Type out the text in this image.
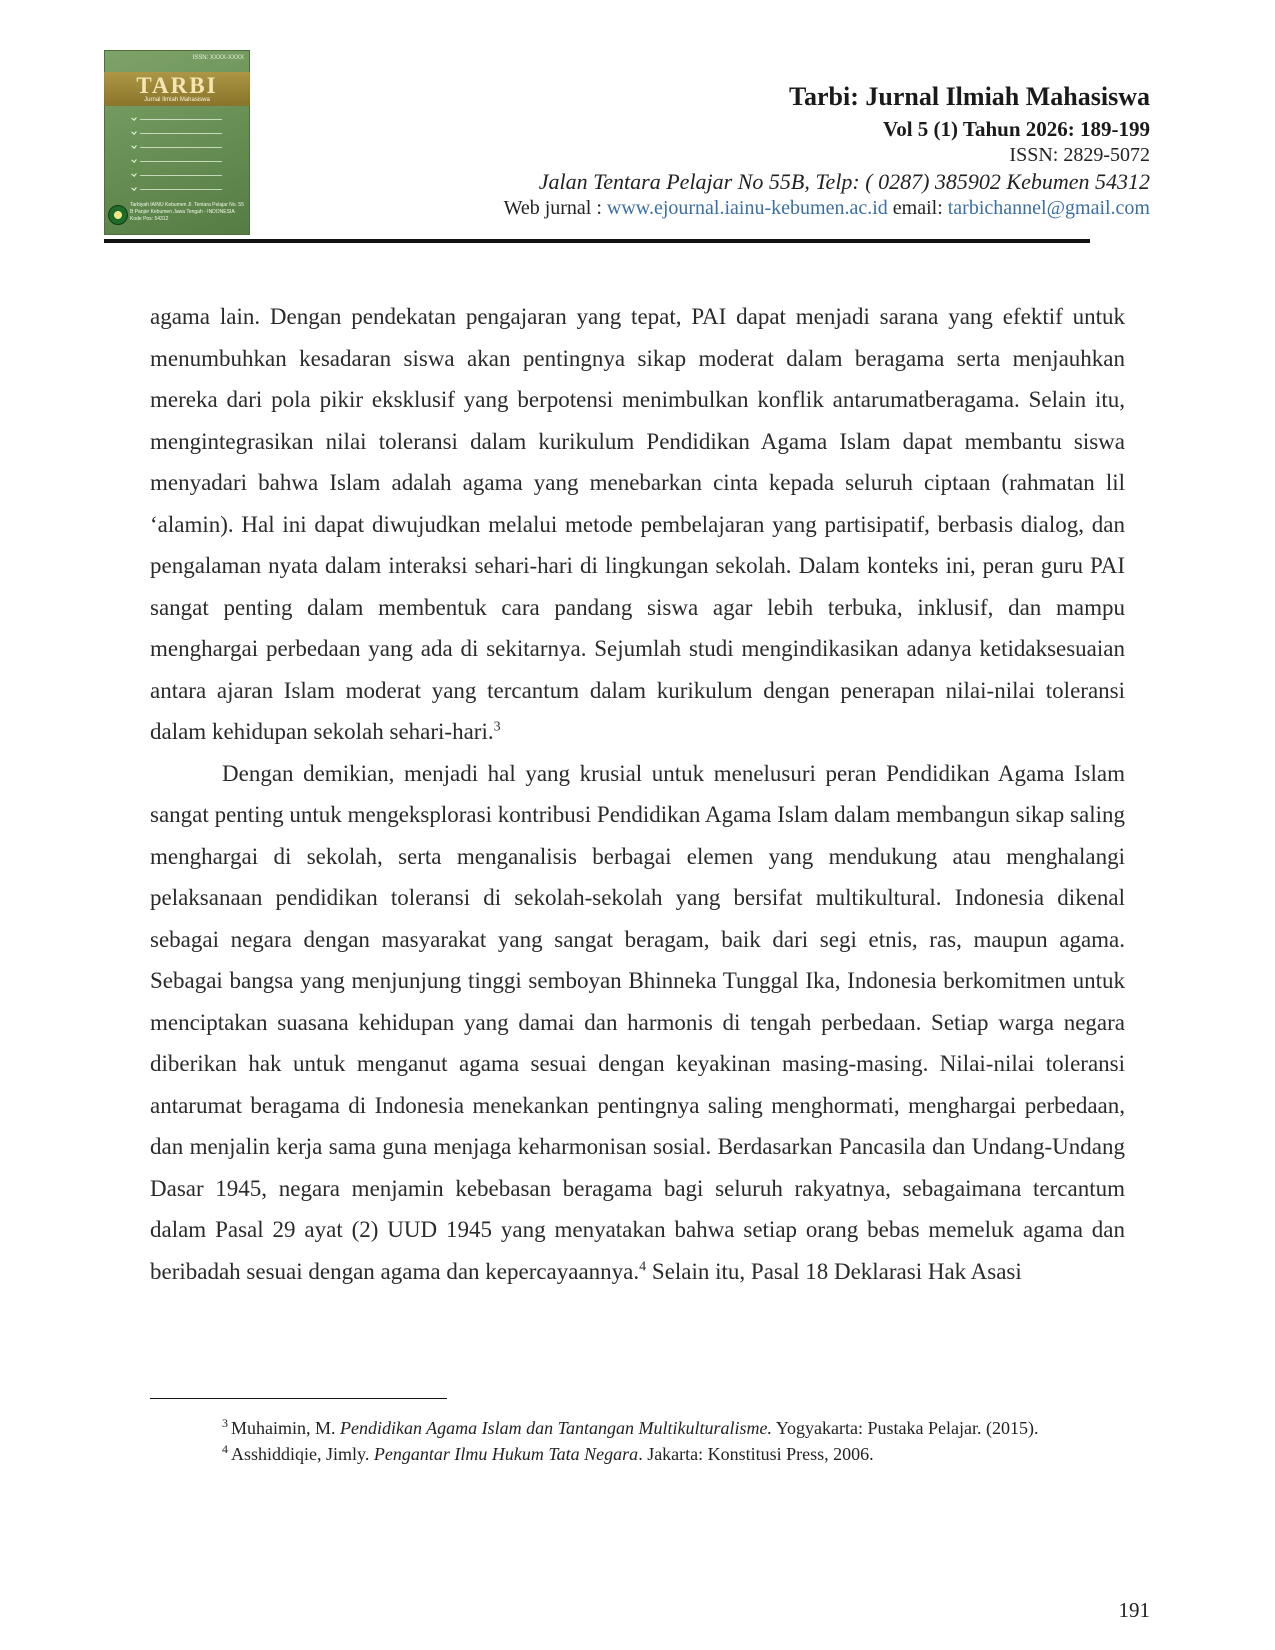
ISSN: XXXX-XXXX
TARBI
Jurnal Ilmiah Mahasiswa
Tarbiyah IAINU Kebumen Jl. Tentara Pelajar No. 55 B Panjer Kebumen Jawa Tengah - INDONESIA Kode Pos: 54312
Tarbi: Jurnal Ilmiah Mahasiswa
Vol 5 (1) Tahun 2026: 189-199
ISSN: 2829-5072
Jalan Tentara Pelajar No 55B, Telp: ( 0287) 385902 Kebumen 54312
Web jurnal : www.ejournal.iainu-kebumen.ac.id email: tarbichannel@gmail.com

agama lain. Dengan pendekatan pengajaran yang tepat, PAI dapat menjadi sarana yang efektif untuk menumbuhkan kesadaran siswa akan pentingnya sikap moderat dalam beragama serta menjauhkan mereka dari pola pikir eksklusif yang berpotensi menimbulkan konflik antarumatberagama. Selain itu, mengintegrasikan nilai toleransi dalam kurikulum Pendidikan Agama Islam dapat membantu siswa menyadari bahwa Islam adalah agama yang menebarkan cinta kepada seluruh ciptaan (rahmatan lil ‘alamin). Hal ini dapat diwujudkan melalui metode pembelajaran yang partisipatif, berbasis dialog, dan pengalaman nyata dalam interaksi sehari-hari di lingkungan sekolah. Dalam konteks ini, peran guru PAI sangat penting dalam membentuk cara pandang siswa agar lebih terbuka, inklusif, dan mampu menghargai perbedaan yang ada di sekitarnya. Sejumlah studi mengindikasikan adanya ketidaksesuaian antara ajaran Islam moderat yang tercantum dalam kurikulum dengan penerapan nilai-nilai toleransi dalam kehidupan sekolah sehari-hari.$^3$

Dengan demikian, menjadi hal yang krusial untuk menelusuri peran Pendidikan Agama Islam sangat penting untuk mengeksplorasi kontribusi Pendidikan Agama Islam dalam membangun sikap saling menghargai di sekolah, serta menganalisis berbagai elemen yang mendukung atau menghalangi pelaksanaan pendidikan toleransi di sekolah-sekolah yang bersifat multikultural. Indonesia dikenal sebagai negara dengan masyarakat yang sangat beragam, baik dari segi etnis, ras, maupun agama. Sebagai bangsa yang menjunjung tinggi semboyan Bhinneka Tunggal Ika, Indonesia berkomitmen untuk menciptakan suasana kehidupan yang damai dan harmonis di tengah perbedaan. Setiap warga negara diberikan hak untuk menganut agama sesuai dengan keyakinan masing-masing. Nilai-nilai toleransi antarumat beragama di Indonesia menekankan pentingnya saling menghormati, menghargai perbedaan, dan menjalin kerja sama guna menjaga keharmonisan sosial. Berdasarkan Pancasila dan Undang-Undang Dasar 1945, negara menjamin kebebasan beragama bagi seluruh rakyatnya, sebagaimana tercantum dalam Pasal 29 ayat (2) UUD 1945 yang menyatakan bahwa setiap orang bebas memeluk agama dan beribadah sesuai dengan agama dan kepercayaannya.$^4$ Selain itu, Pasal 18 Deklarasi Hak Asasi

$^3$ Muhaimin, M. Pendidikan Agama Islam dan Tantangan Multikulturalisme. Yogyakarta: Pustaka Pelajar. (2015).

$^4$ Asshiddiqie, Jimly. Pengantar Ilmu Hukum Tata Negara. Jakarta: Konstitusi Press, 2006.

191
